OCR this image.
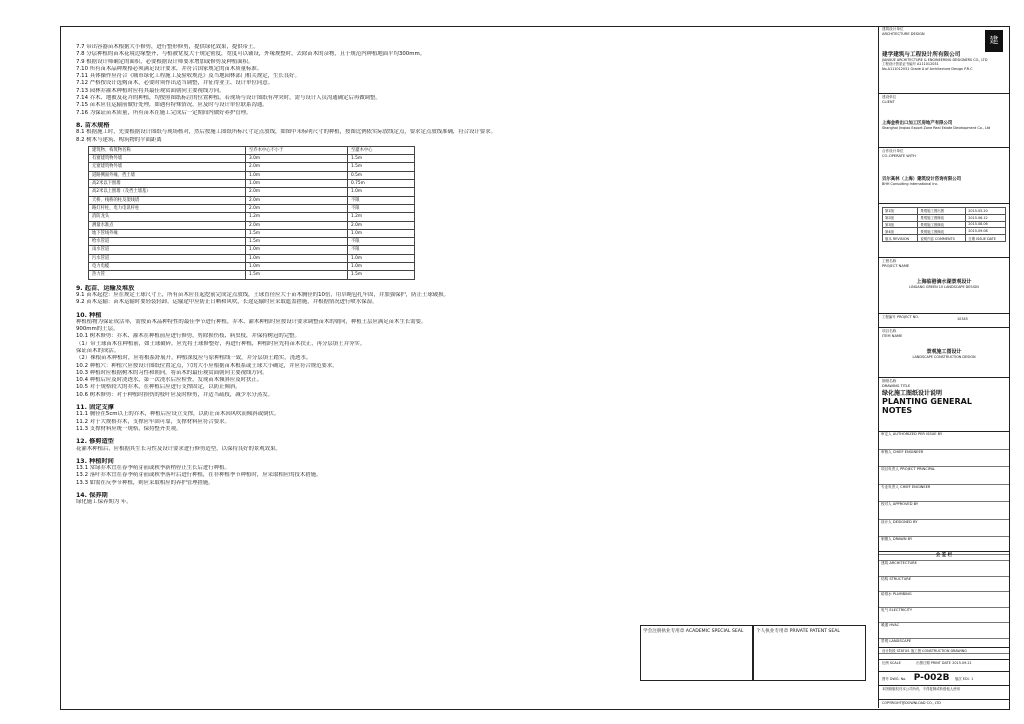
7.7 带出容器苗木根据大小修剪，进行整形修剪，提供绿化效果，提供带土。

7.8 分层种植的苗木花境边缘整齐，与植被宽度大于规定密度，宽度可以铺设，外缘规整时，去除苗木的杂物，且于规范内种植地面平均300mm。

7.9 根据设计师确定的面积，必要根据设计师要求增加或修剪及种植面积。

7.10 所有苗木品种规格必须满足设计要求，并符合国家规定的苗木质量标准。

7.11 具体操作应符合《城市绿化工程施工及验收规范》及当地园林部门相关规定，生长良好。

7.12 严格按设计选购苗木，必要时须作出适当调整，并征得业主、设计单位同意。

7.13 园林乔灌木种植时应将其最佳观赏面朝向主要视线方向。

7.14 乔木、地被及花卉的种植，均按照图纸标注的位置种植，若现场与设计图纸有冲突时，需与设计人员沟通确定后再做调整。

7.15 苗木应在运输前做好处理，如遇有特殊情况，应及时与设计单位联系沟通。

7.16 为保证苗木质量，所有苗木在施工完成后一定期间内做好养护管理。

8. 苗木规格

8.1 根据施工时，先要根据设计图纸与现场核对，然后按施工图纸所标尺寸定点放线，如图中未标明尺寸的种植，按图比例依实际放线定点，要求定点放线准确，符合设计要求。

8.2 树木与建筑、构筑物的平面距离

建筑物、构筑物名称	至乔木中心不小于	至灌木中心
有窗建筑物外墙	3.0m	1.5m
无窗建筑物外墙	2.0m	1.5m
道路侧面外缘、挡土墙	1.0m	0.5m
高2米以下围墙	1.0m	0.75m
高2米以上围墙（及挡土墙基）	2.0m	1.0m
天桥、栈桥的柱及架线塔	2.0m	不限
路灯杆柱、电力电讯杆柱	2.0m	不限
消防龙头	1.2m	1.2m
测量水准点	2.0m	2.0m
地下管线外缘	1.5m	1.0m
给水管道	1.5m	不限
雨水管道	1.0m	不限
污水管道	1.0m	1.0m
电力电缆	1.0m	1.0m
热力管	1.5m	1.5m

9. 起苗、运输及堆放

9.1 苗木起挖：应在规定土球尺寸上，所有苗木应在起挖前完成定点放线，土球直径应大于苗木胸径的10倍，用草绳包扎牢固，并加强保护，防止土球破损。

9.2 苗木运输：苗木运输时要轻装轻卸，运输途中应防止日晒和风吹，长途运输时应采取遮盖措施，并根据情况进行喷水保湿。

10. 种植

种植植物为保证成活率，需按苗木品种特性的最佳季节进行种植，乔木、灌木种植时应按设计要求调整苗木的朝向，种植土层应满足苗木生长需要。

900mm的土层。

10.1 树木修剪：乔木、灌木在种植前应进行修剪，剪除损伤枝、病虫枝，并保持树冠的完整。

（1）带土球苗木在种植前，如土球破碎，应先将土球修整好，再进行种植，种植时应先将苗木扶正，再分层填土并夯实。

保证苗木的成活。

（2）裸根苗木种植时，应将根系舒展开，种植深度应与原种植线一致，并分层填土踏实，浇透水。

10.2 种植穴：种植穴应按设计图纸位置定点，穴的大小应根据苗木根系或土球大小确定，并应符合规范要求。

10.3 种植时应根据树木的习性和朝向，将苗木的最佳观赏面朝向主要视线方向。

10.4 种植后应及时浇透水，第一次浇水后应检查，发现苗木倾斜应及时扶正。

10.5 对于规格较大的乔木，在种植后应进行支撑固定，以防止倾斜。

10.6 树木修剪：对于种植时损伤的枝叶应及时修剪，并适当疏枝，减少水分蒸发。

11. 固定支撑

11.1 胸径在5cm以上的乔木，种植后应设立支撑，以防止苗木因风吹而倾斜或倒伏。

11.2 对于大规格乔木，支撑应牢固可靠，支撑材料应符合要求。

11.3 支撑材料应统一规格，保持整齐美观。

12. 修剪造型

花灌木种植后，应根据其生长习性及设计要求进行修剪造型，以保持良好的景观效果。

13. 种植时间

13.1 常绿乔木宜在春季萌芽前或秋季新梢停止生长后进行种植。

13.2 落叶乔木宜在春季萌芽前或秋季落叶后进行种植，在非种植季节种植时，应采取相应的技术措施。

13.3 如需在反季节种植，则应采取相应的养护管理措施。

14. 保养期

绿化施工保养期为 年。

学会注册执业专用章 ACADEMIC SPECIAL SEAL	个人执业专用章 PRIVATE PATENT SEAL
建筑设计单位
ARCHITECTURE DESIGN
建
建学建筑与工程设计所有限公司
JIANXUE ARCHITECTURE & ENGINEERING DESIGNERS CO., LTD
工程设计资质证书编号 A111012031
No.A111012031 Grade A of Architecture Design P.R.C
建设单位
CLIENT
上海金桥出口加工区房地产有限公司
Shanghai Jinqiao Export Zone Real Estate Development Co., Ltd
合作设计单位
CO-OPERATE WITH
贝尔高林（上海）建筑设计咨询有限公司
BHH Consulting International Inc.
第1版	景观施工图出图	2015.05.20
第2版	景观施工图修改	2015.06.12
第3版	景观施工图修改	2015.08.06
第4版	景观施工图修改	2015.09.08
版本 REVISION	说明内容 COMMENTS	日期 ISSUE DATE
工程名称
PROJECT NAME
上海临港滴水湖景观设计
LINGANG GREEN 10 LANDSCAPE DESIGN
工程编号 PROJECT NO.	10345
项目名称
ITEM NAME
景观施工图设计
LANDSCAPE CONSTRUCTION DESIGN
图纸名称
DRAWING TITLE
绿化施工图纸设计说明
PLANTING GENERAL
NOTES
审定人 AUTHORIZED PER ISSUE BY
审核人 CHIEF ENGINEER
项目负责人 PROJECT PRINCIPAL
专业负责人 CHIEF ENGINEER
校对人 APPROVED BY
设计人 DESIGNED BY
制图人 DRAWN BY
会 签 栏
建筑 ARCHITECTURE
结构 STRUCTURE
给排水 PLUMBING
电气 ELECTRICITY
暖通 HVAC
景观 LANDSCAPE
设计阶段 STATUS 施工图 CONSTRUCTION DRAWING
比例 SCALE	出图日期 PRINT DATE 2015.09.21
图号 DWG. No. P-002B 版次 EDI. 1
本图纸版权归本公司所有，不得复制或转借他人使用
COPYRIGHT@DOWNLOAD CO., LTD
